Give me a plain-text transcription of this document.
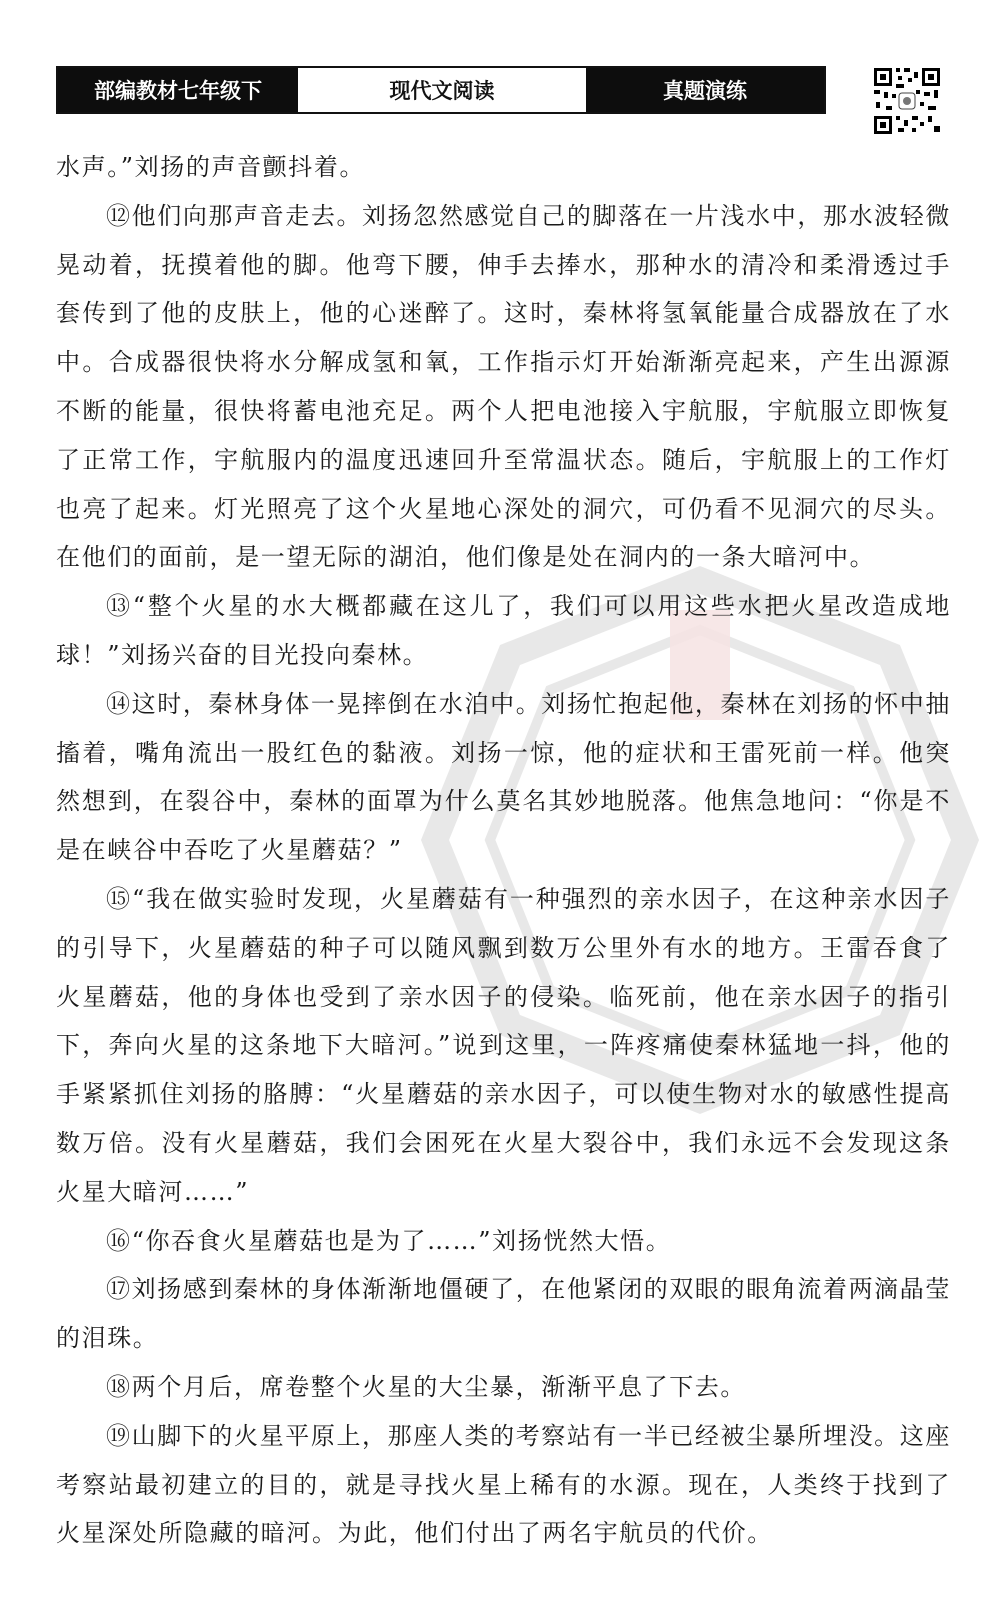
部编教材七年级下	现代文阅读	真题演练

水声。”刘扬的声音颤抖着。

⑫他们向那声音走去。刘扬忽然感觉自己的脚落在一片浅水中，那水波轻微晃动着，抚摸着他的脚。他弯下腰，伸手去捧水，那种水的清冷和柔滑透过手套传到了他的皮肤上，他的心迷醉了。这时，秦林将氢氧能量合成器放在了水中。合成器很快将水分解成氢和氧，工作指示灯开始渐渐亮起来，产生出源源不断的能量，很快将蓄电池充足。两个人把电池接入宇航服，宇航服立即恢复了正常工作，宇航服内的温度迅速回升至常温状态。随后，宇航服上的工作灯也亮了起来。灯光照亮了这个火星地心深处的洞穴，可仍看不见洞穴的尽头。在他们的面前，是一望无际的湖泊，他们像是处在洞内的一条大暗河中。

⑬“整个火星的水大概都藏在这儿了，我们可以用这些水把火星改造成地球！”刘扬兴奋的目光投向秦林。

⑭这时，秦林身体一晃摔倒在水泊中。刘扬忙抱起他，秦林在刘扬的怀中抽搐着，嘴角流出一股红色的黏液。刘扬一惊，他的症状和王雷死前一样。他突然想到，在裂谷中，秦林的面罩为什么莫名其妙地脱落。他焦急地问：“你是不是在峡谷中吞吃了火星蘑菇？”

⑮“我在做实验时发现，火星蘑菇有一种强烈的亲水因子，在这种亲水因子的引导下，火星蘑菇的种子可以随风飘到数万公里外有水的地方。王雷吞食了火星蘑菇，他的身体也受到了亲水因子的侵染。临死前，他在亲水因子的指引下，奔向火星的这条地下大暗河。”说到这里，一阵疼痛使秦林猛地一抖，他的手紧紧抓住刘扬的胳膊：“火星蘑菇的亲水因子，可以使生物对水的敏感性提高数万倍。没有火星蘑菇，我们会困死在火星大裂谷中，我们永远不会发现这条火星大暗河……”

⑯“你吞食火星蘑菇也是为了……”刘扬恍然大悟。

⑰刘扬感到秦林的身体渐渐地僵硬了，在他紧闭的双眼的眼角流着两滴晶莹的泪珠。

⑱两个月后，席卷整个火星的大尘暴，渐渐平息了下去。

⑲山脚下的火星平原上，那座人类的考察站有一半已经被尘暴所埋没。这座考察站最初建立的目的，就是寻找火星上稀有的水源。现在，人类终于找到了火星深处所隐藏的暗河。为此，他们付出了两名宇航员的代价。
